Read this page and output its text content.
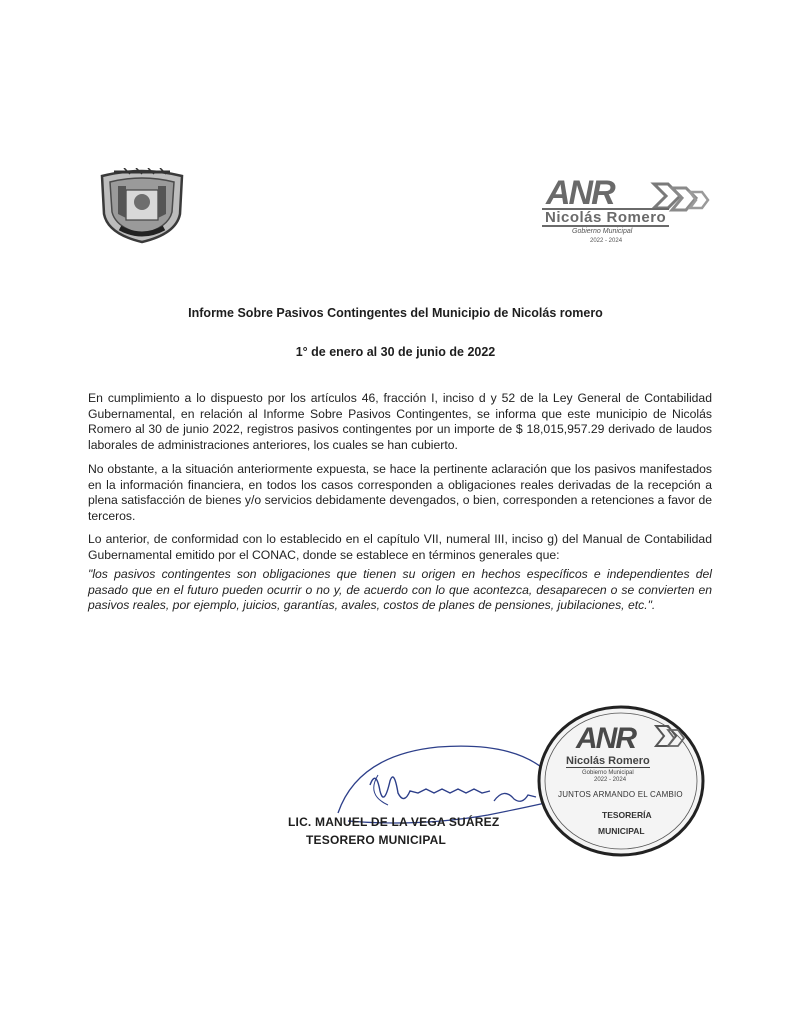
ANR
Nicolás Romero
Gobierno Municipal
2022 - 2024
Informe Sobre Pasivos Contingentes del Municipio de Nicolás romero
1° de enero al 30 de junio de 2022
En cumplimiento a lo dispuesto por los artículos 46, fracción I, inciso d y 52 de la Ley General de Contabilidad Gubernamental, en relación al Informe Sobre Pasivos Contingentes, se informa que este municipio de Nicolás Romero al 30 de junio 2022, registros pasivos contingentes por un importe de $ 18,015,957.29 derivado de laudos laborales de administraciones anteriores, los cuales se han cubierto.
No obstante, a la situación anteriormente expuesta, se hace la pertinente aclaración que los pasivos manifestados en la información financiera, en todos los casos corresponden a obligaciones reales derivadas de la recepción a plena satisfacción de bienes y/o servicios debidamente devengados, o bien, corresponden a retenciones a favor de terceros.
Lo anterior, de conformidad con lo establecido en el capítulo VII, numeral III, inciso g) del Manual de Contabilidad Gubernamental emitido por el CONAC, donde se establece en términos generales que:
"los pasivos contingentes son obligaciones que tienen su origen en hechos específicos e independientes del pasado que en el futuro pueden ocurrir o no y, de acuerdo con lo que acontezca, desaparecen o se convierten en pasivos reales, por ejemplo, juicios, garantías, avales, costos de planes de pensiones, jubilaciones, etc.".
LIC. MANUEL DE LA VEGA SUÁREZ
TESORERO MUNICIPAL
ANR
Nicolás Romero
Gobierno Municipal
2022 - 2024
JUNTOS ARMANDO EL CAMBIO
TESORERÍA
MUNICIPAL
